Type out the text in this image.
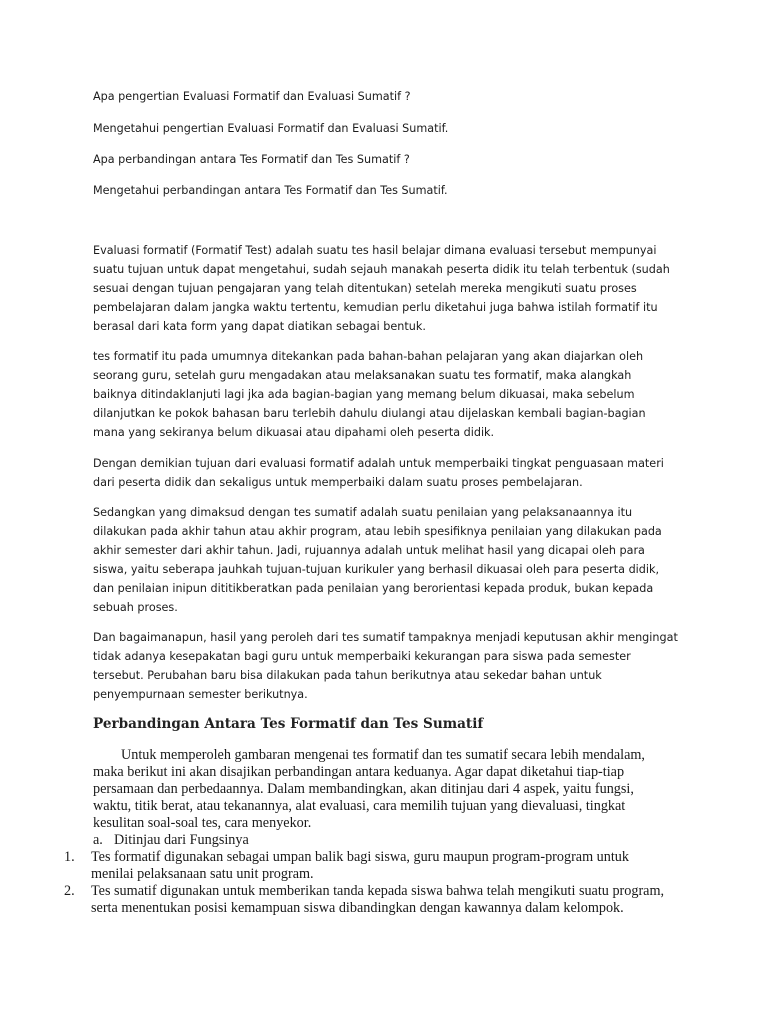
Apa pengertian Evaluasi Formatif dan Evaluasi Sumatif ?

Mengetahui pengertian Evaluasi Formatif dan Evaluasi Sumatif.

Apa perbandingan antara Tes Formatif dan Tes Sumatif ?

Mengetahui perbandingan antara Tes Formatif dan Tes Sumatif.

Evaluasi formatif (Formatif Test) adalah suatu tes hasil belajar dimana evaluasi tersebut mempunyai suatu tujuan untuk dapat mengetahui, sudah sejauh manakah peserta didik itu telah terbentuk (sudah sesuai dengan tujuan pengajaran yang telah ditentukan) setelah mereka mengikuti suatu proses pembelajaran dalam jangka waktu tertentu, kemudian perlu diketahui juga bahwa istilah formatif itu berasal dari kata form yang dapat diatikan sebagai bentuk.

tes formatif itu pada umumnya ditekankan pada bahan-bahan pelajaran yang akan diajarkan oleh seorang guru, setelah guru mengadakan atau melaksanakan suatu tes formatif, maka alangkah baiknya ditindaklanjuti lagi jka ada bagian-bagian yang memang belum dikuasai, maka sebelum dilanjutkan ke pokok bahasan baru terlebih dahulu diulangi atau dijelaskan kembali bagian-bagian mana yang sekiranya belum dikuasai atau dipahami oleh peserta didik.

Dengan demikian tujuan dari evaluasi formatif adalah untuk memperbaiki tingkat penguasaan materi dari peserta didik dan sekaligus untuk memperbaiki dalam suatu proses pembelajaran.

Sedangkan yang dimaksud dengan tes sumatif adalah suatu penilaian yang pelaksanaannya itu dilakukan pada akhir tahun atau akhir program, atau lebih spesifiknya penilaian yang dilakukan pada akhir semester dari akhir tahun. Jadi, rujuannya adalah untuk melihat hasil yang dicapai oleh para siswa, yaitu seberapa jauhkah tujuan-tujuan kurikuler yang berhasil dikuasai oleh para peserta didik, dan penilaian inipun dititikberatkan pada penilaian yang berorientasi kepada produk, bukan kepada sebuah proses.

Dan bagaimanapun, hasil yang peroleh dari tes sumatif tampaknya menjadi keputusan akhir mengingat tidak adanya kesepakatan bagi guru untuk memperbaiki kekurangan para siswa pada semester tersebut. Perubahan baru bisa dilakukan pada tahun berikutnya atau sekedar bahan untuk penyempurnaan semester berikutnya.

Perbandingan Antara Tes Formatif dan Tes Sumatif

Untuk memperoleh gambaran mengenai tes formatif dan tes sumatif secara lebih mendalam, maka berikut ini akan disajikan perbandingan antara keduanya. Agar dapat diketahui tiap-tiap persamaan dan perbedaannya. Dalam membandingkan, akan ditinjau dari 4 aspek, yaitu fungsi, waktu, titik berat, atau tekanannya, alat evaluasi, cara memilih tujuan yang dievaluasi, tingkat kesulitan soal-soal tes, cara menyekor.

a. Ditinjau dari Fungsinya
1. Tes formatif digunakan sebagai umpan balik bagi siswa, guru maupun program-program untuk menilai pelaksanaan satu unit program.

2. Tes sumatif digunakan untuk memberikan tanda kepada siswa bahwa telah mengikuti suatu program, serta menentukan posisi kemampuan siswa dibandingkan dengan kawannya dalam kelompok.
